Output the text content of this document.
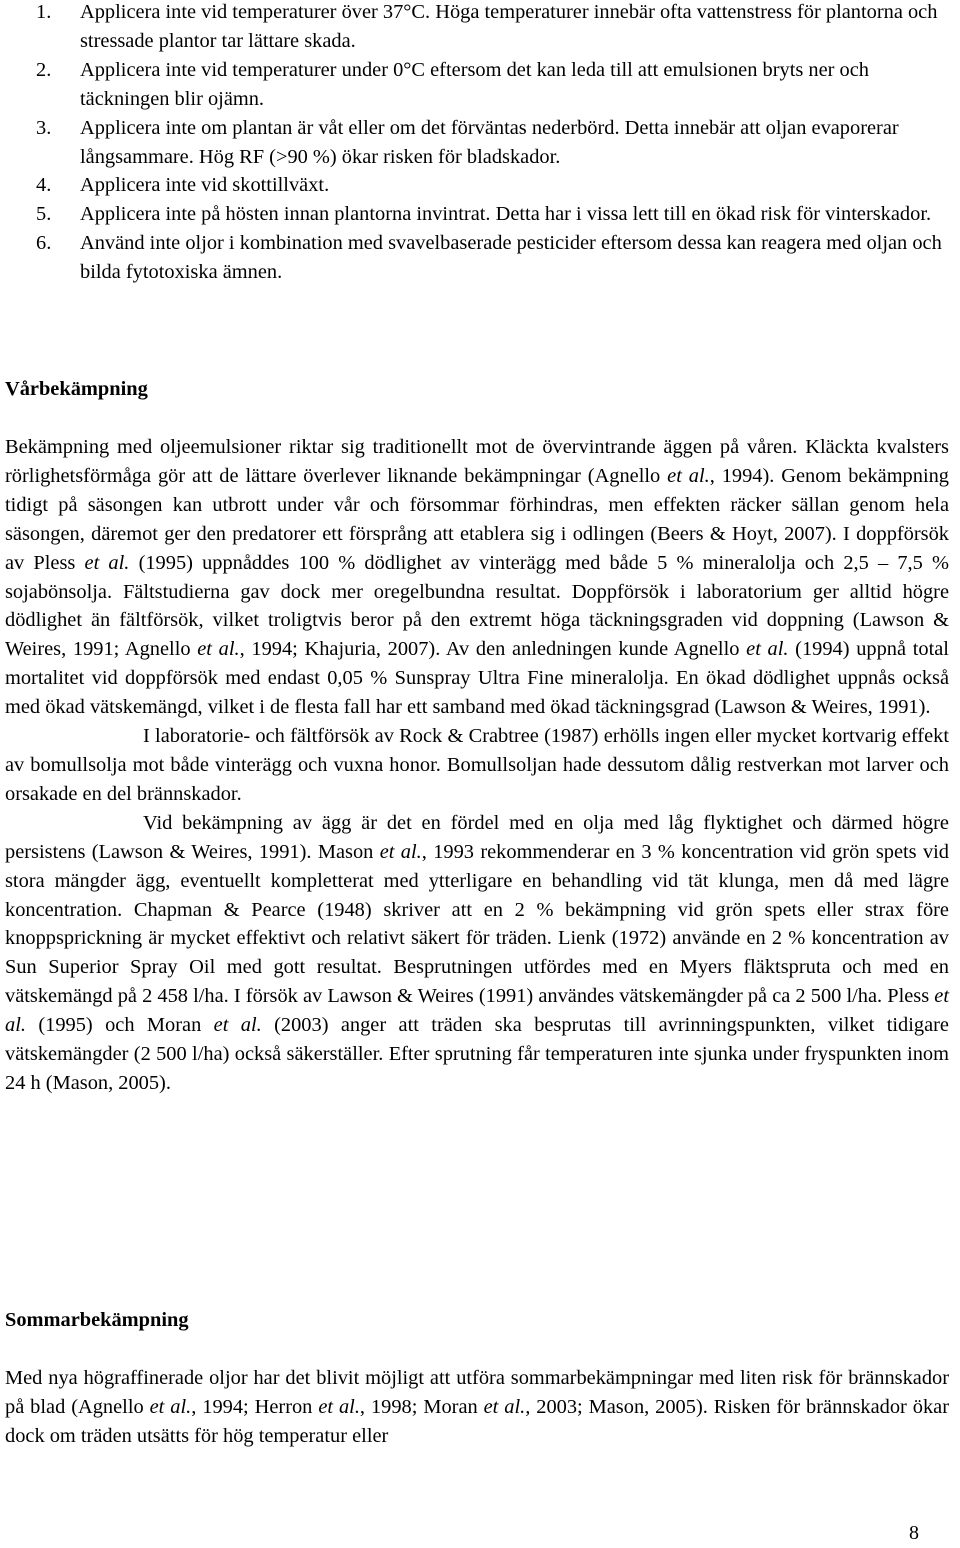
1. Applicera inte vid temperaturer över 37°C. Höga temperaturer innebär ofta vattenstress för plantorna och stressade plantor tar lättare skada.
2. Applicera inte vid temperaturer under 0°C eftersom det kan leda till att emulsionen bryts ner och täckningen blir ojämn.
3. Applicera inte om plantan är våt eller om det förväntas nederbörd. Detta innebär att oljan evaporerar långsammare. Hög RF (>90 %) ökar risken för bladskador.
4. Applicera inte vid skottillväxt.
5. Applicera inte på hösten innan plantorna invintrat. Detta har i vissa lett till en ökad risk för vinterskador.
6. Använd inte oljor i kombination med svavelbaserade pesticider eftersom dessa kan reagera med oljan och bilda fytotoxiska ämnen.
Vårbekämpning

Bekämpning med oljeemulsioner riktar sig traditionellt mot de övervintrande äggen på våren. Kläckta kvalsters rörlighetsförmåga gör att de lättare överlever liknande bekämpningar (Agnello et al., 1994). Genom bekämpning tidigt på säsongen kan utbrott under vår och försommar förhindras, men effekten räcker sällan genom hela säsongen, däremot ger den predatorer ett försprång att etablera sig i odlingen (Beers & Hoyt, 2007). I doppförsök av Pless et al. (1995) uppnåddes 100 % dödlighet av vinterägg med både 5 % mineralolja och 2,5 – 7,5 % sojabönsolja. Fältstudierna gav dock mer oregelbundna resultat. Doppförsök i laboratorium ger alltid högre dödlighet än fältförsök, vilket troligtvis beror på den extremt höga täckningsgraden vid doppning (Lawson & Weires, 1991; Agnello et al., 1994; Khajuria, 2007). Av den anledningen kunde Agnello et al. (1994) uppnå total mortalitet vid doppförsök med endast 0,05 % Sunspray Ultra Fine mineralolja. En ökad dödlighet uppnås också med ökad vätskemängd, vilket i de flesta fall har ett samband med ökad täckningsgrad (Lawson & Weires, 1991).

I laboratorie- och fältförsök av Rock & Crabtree (1987) erhölls ingen eller mycket kortvarig effekt av bomullsolja mot både vinterägg och vuxna honor. Bomullsoljan hade dessutom dålig restverkan mot larver och orsakade en del brännskador.

Vid bekämpning av ägg är det en fördel med en olja med låg flyktighet och därmed högre persistens (Lawson & Weires, 1991). Mason et al., 1993 rekommenderar en 3 % koncentration vid grön spets vid stora mängder ägg, eventuellt kompletterat med ytterligare en behandling vid tät klunga, men då med lägre koncentration. Chapman & Pearce (1948) skriver att en 2 % bekämpning vid grön spets eller strax före knoppsprickning är mycket effektivt och relativt säkert för träden. Lienk (1972) använde en 2 % koncentration av Sun Superior Spray Oil med gott resultat. Besprutningen utfördes med en Myers fläktspruta och med en vätskemängd på 2 458 l/ha. I försök av Lawson & Weires (1991) användes vätskemängder på ca 2 500 l/ha. Pless et al. (1995) och Moran et al. (2003) anger att träden ska besprutas till avrinningspunkten, vilket tidigare vätskemängder (2 500 l/ha) också säkerställer. Efter sprutning får temperaturen inte sjunka under fryspunkten inom 24 h (Mason, 2005).

Sommarbekämpning

Med nya högraffinerade oljor har det blivit möjligt att utföra sommarbekämpningar med liten risk för brännskador på blad (Agnello et al., 1994; Herron et al., 1998; Moran et al., 2003; Mason, 2005). Risken för brännskador ökar dock om träden utsätts för hög temperatur eller

8
